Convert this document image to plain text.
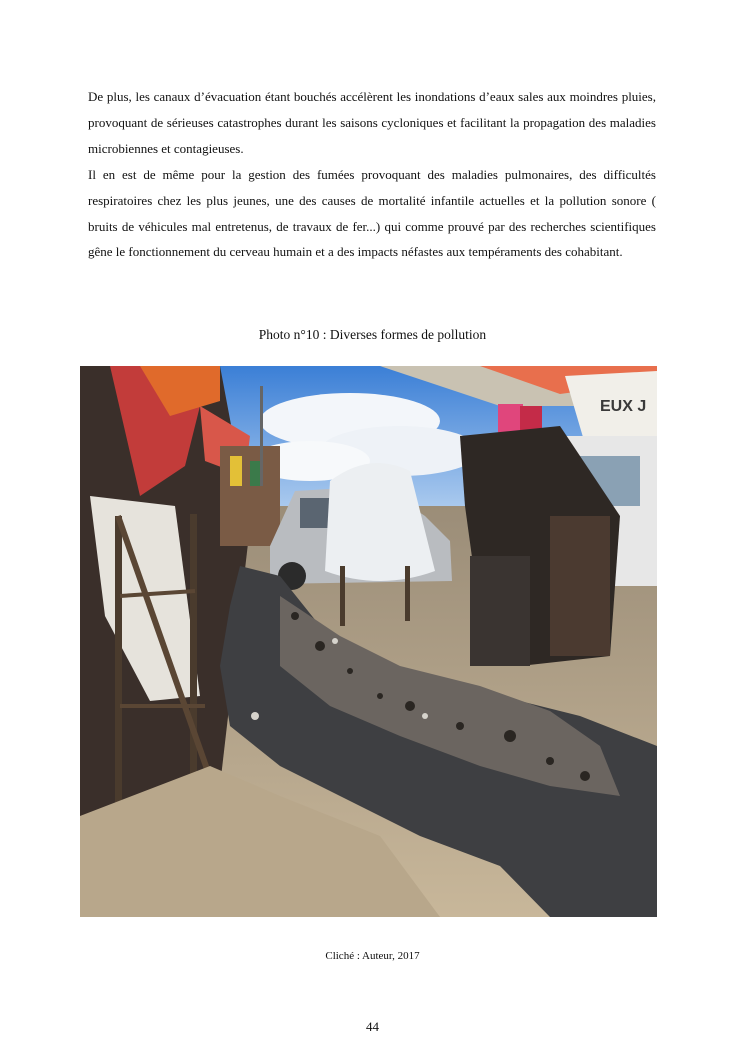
De plus, les canaux d’évacuation étant bouchés accélèrent les inondations d’eaux sales aux moindres pluies, provoquant de sérieuses catastrophes durant les saisons cycloniques et facilitant la propagation des maladies microbiennes et contagieuses.

Il en est de même pour la gestion des fumées provoquant des maladies pulmonaires, des difficultés respiratoires chez les plus jeunes, une des causes de mortalité infantile actuelles et la pollution sonore ( bruits de véhicules mal entretenus, de travaux de fer...) qui comme prouvé par des recherches scientifiques gêne le fonctionnement du cerveau humain et a des impacts néfastes aux tempéraments des cohabitant.

Photo n°10 : Diverses formes de pollution
EUX J
Cliché : Auteur, 2017
44
